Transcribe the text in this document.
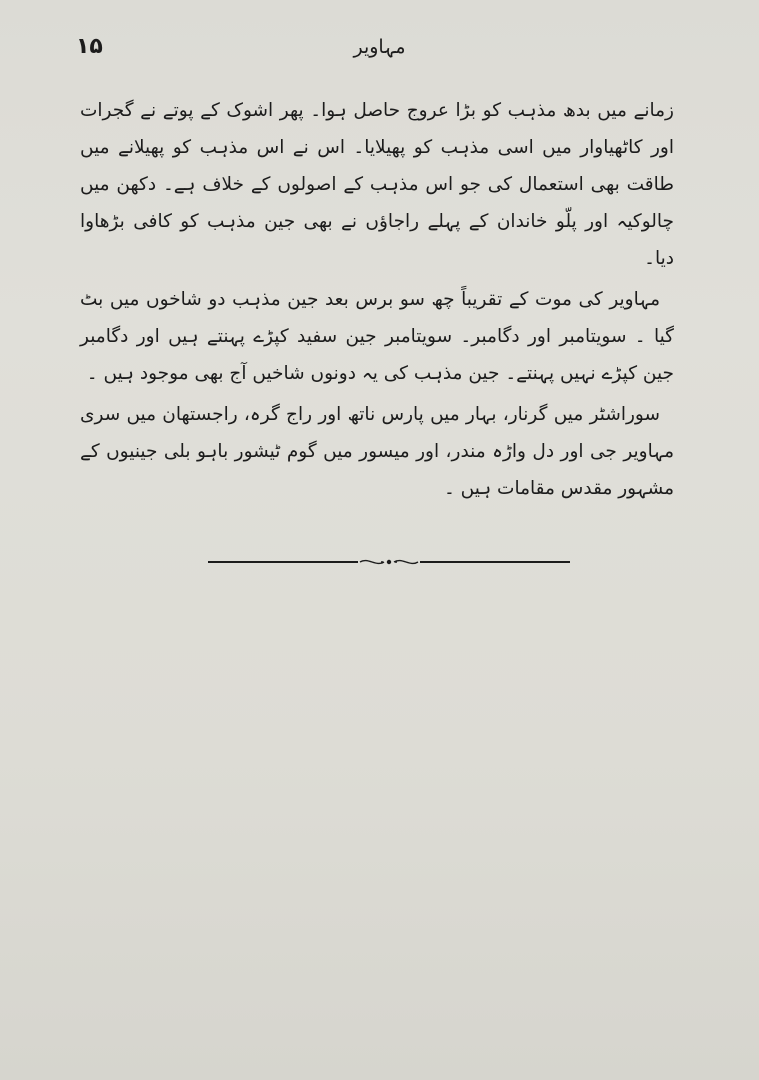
۱۵	مہاویر

زمانے میں بدھ مذہب کو بڑا عروج حاصل ہوا۔ پھر اشوک کے پوتے نے گجرات اور کاٹھیاوار میں اسی مذہب کو پھیلایا۔ اس نے اس مذہب کو پھیلانے میں طاقت بھی استعمال کی جو اس مذہب کے اصولوں کے خلاف ہے۔ دکھن میں چالوکیہ اور پلّو خاندان کے پہلے راجاؤں نے بھی جین مذہب کو کافی بڑھاوا دیا۔

مہاویر کی موت کے تقریباً چھ سو برس بعد جین مذہب دو شاخوں میں بٹ گیا ۔ سویتامبر اور دگامبر۔ سویتامبر جین سفید کپڑے پہنتے ہیں اور دگامبر جین کپڑے نہیں پہنتے۔ جین مذہب کی یہ دونوں شاخیں آج بھی موجود ہیں ۔

سوراشٹر میں گرنار، بہار میں پارس ناتھ اور راج گرہ، راجستھان میں سری مہاویر جی اور دل واڑہ مندر، اور میسور میں گوم ٹیشور باہو بلی جینیوں کے مشہور مقدس مقامات ہیں ۔
